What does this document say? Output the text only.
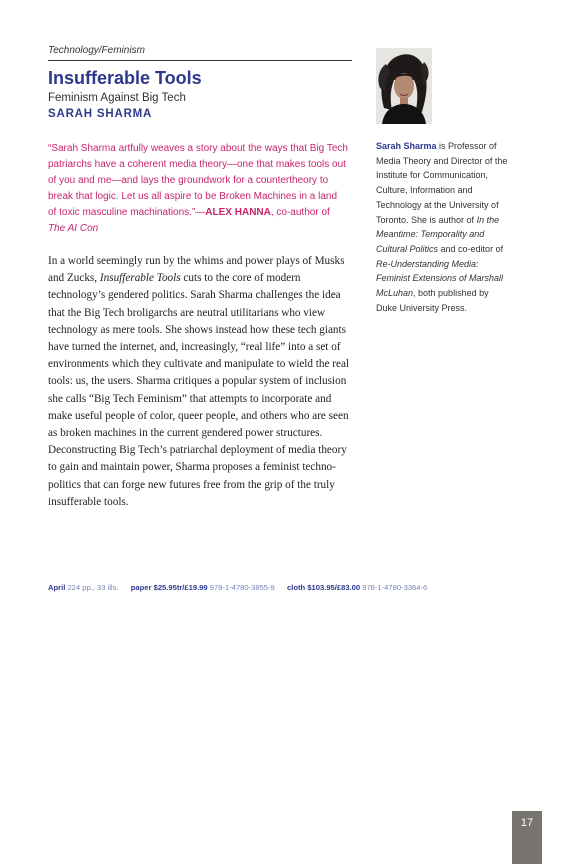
Technology/Feminism
Insufferable Tools
Feminism Against Big Tech
SARAH SHARMA

“Sarah Sharma artfully weaves a story about the ways that Big Tech patriarchs have a coherent media theory—one that makes tools out of you and me—and lays the groundwork for a countertheory to break that logic. Let us all aspire to be Broken Machines in a land of toxic masculine machinations.”—ALEX HANNA, co-author of The AI Con

In a world seemingly run by the whims and power plays of Musks and Zucks, Insufferable Tools cuts to the core of modern technology’s gendered politics. Sarah Sharma challenges the idea that the Big Tech broligarchs are neutral utilitarians who view technology as mere tools. She shows instead how these tech giants have turned the internet, and, increasingly, “real life” into a set of environments which they cultivate and manipulate to wield the real tools: us, the users. Sharma critiques a popular system of inclusion she calls “Big Tech Feminism” that attempts to incorporate and make useful people of color, queer people, and others who are seen as broken machines in the current gendered power structures. Deconstructing Big Tech’s patriarchal deployment of media theory to gain and maintain power, Sharma proposes a feminist techno-politics that can forge new futures free from the grip of the truly insufferable tools.

Sarah Sharma is Professor of Media Theory and Director of the Institute for Communication, Culture, Information and Technology at the University of Toronto. She is author of In the Meantime: Temporality and Cultural Politics and co-editor of Re-Understanding Media: Feminist Extensions of Marshall McLuhan, both published by Duke University Press.

April 224 pp., 33 ills. paper $25.95tr/£19.99 978-1-4780-3855-9 cloth $103.95/£83.00 978-1-4780-3364-6
17
